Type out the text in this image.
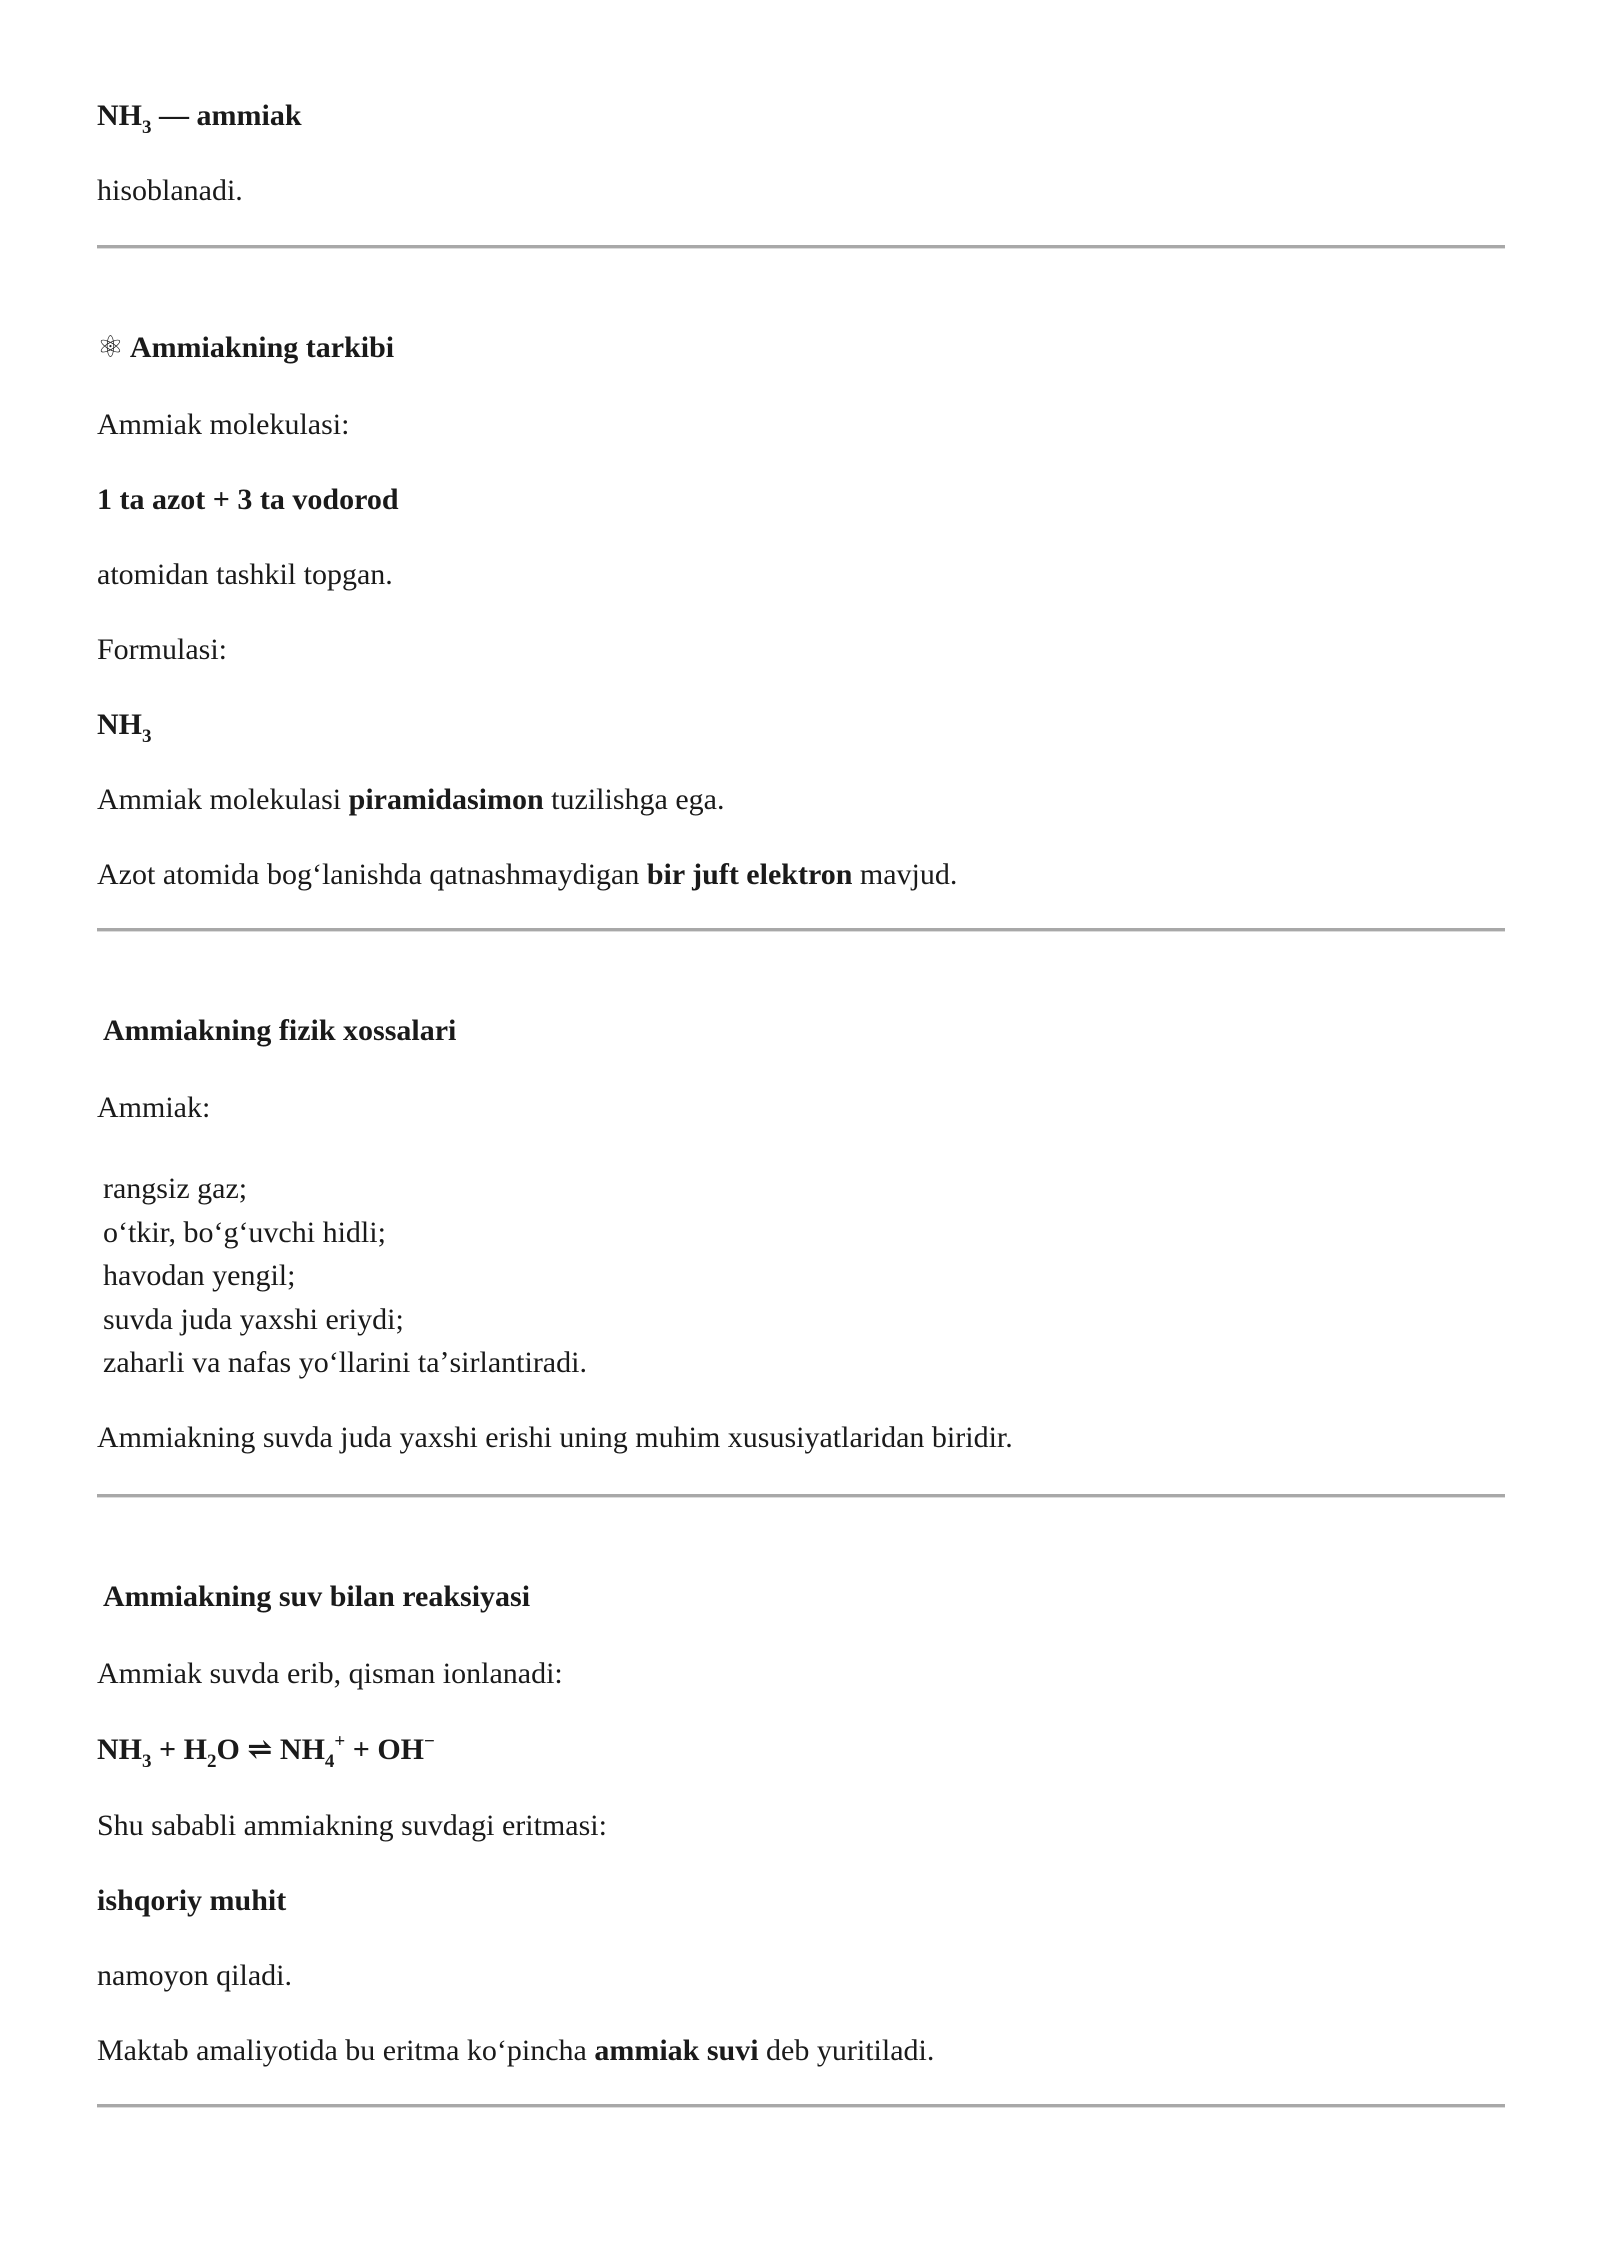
$NH_3$ — ammiak
hisoblanadi.
⚛ Ammiakning tarkibi
Ammiak molekulasi:
1 ta azot + 3 ta vodorod
atomidan tashkil topgan.
Formulasi:
$NH_3$
Ammiak molekulasi piramidasimon tuzilishga ega.
Azot atomida bogʻlanishda qatnashmaydigan bir juft elektron mavjud.
Ammiakning fizik xossalari
Ammiak:
rangsiz gaz;
oʻtkir, boʻgʻuvchi hidli;
havodan yengil;
suvda juda yaxshi eriydi;
zaharli va nafas yoʻllarini taʼsirlantiradi.
Ammiakning suvda juda yaxshi erishi uning muhim xususiyatlaridan biridir.
Ammiakning suv bilan reaksiyasi
Ammiak suvda erib, qisman ionlanadi:
$NH_3 + H_2O$ ⇌ $NH_4^+ + OH^-$
Shu sababli ammiakning suvdagi eritmasi:
ishqoriy muhit
namoyon qiladi.
Maktab amaliyotida bu eritma koʻpincha ammiak suvi deb yuritiladi.
